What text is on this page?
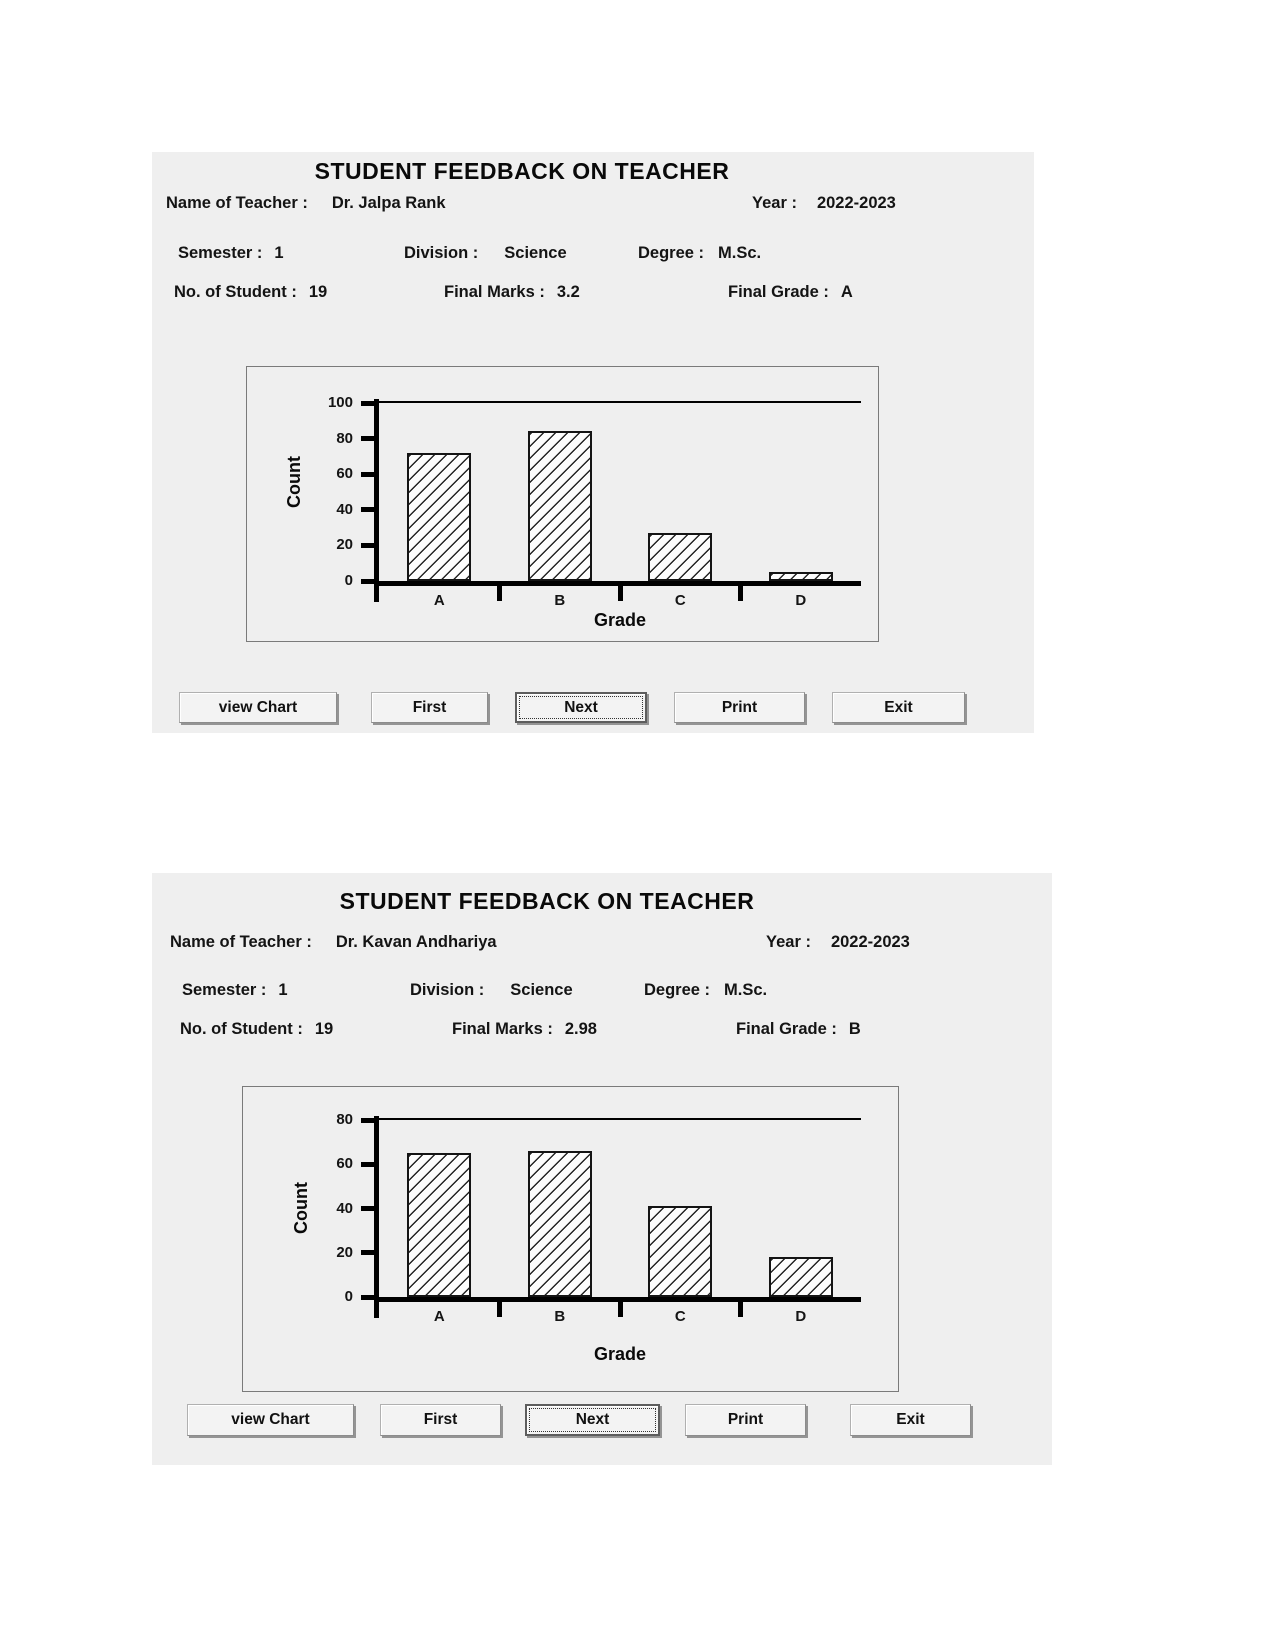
STUDENT FEEDBACK ON TEACHER
Name of Teacher : Dr. Jalpa Rank	Year : 2022-2023
Semester : 1	Division : Science	Degree : M.Sc.
No. of Student : 19	Final Marks : 3.2	Final Grade : A
0
20
40
60
80
100
A	B	C	D
Count
Grade
view Chart	First	Next	Print	Exit
STUDENT FEEDBACK ON TEACHER
Name of Teacher : Dr. Kavan Andhariya	Year : 2022-2023
Semester : 1	Division : Science	Degree : M.Sc.
No. of Student : 19	Final Marks : 2.98	Final Grade : B
0
20
40
60
80
A	B	C	D
Count
Grade
view Chart	First	Next	Print	Exit
